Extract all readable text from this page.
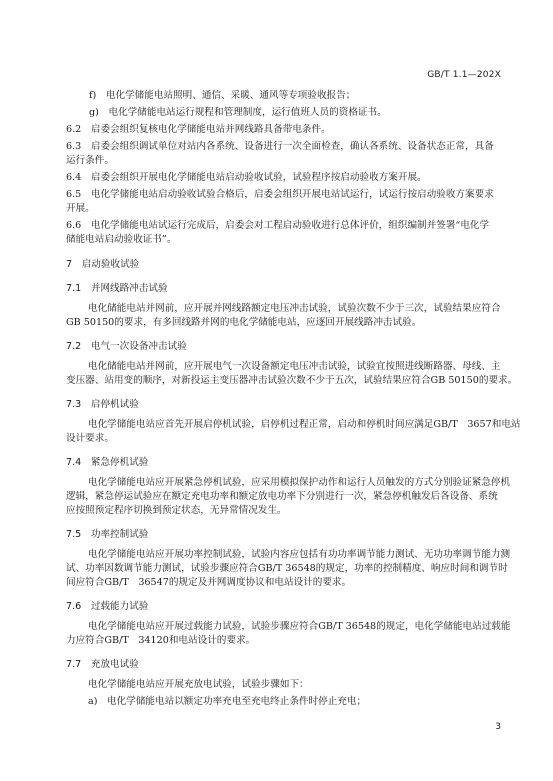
GB/T 1.1—202X
f)　电化学储能电站照明、通信、采暖、通风等专项验收报告；
g)　电化学储能电站运行规程和管理制度，运行值班人员的资格证书。
6.2　启委会组织复核电化学储能电站并网线路具备带电条件。
6.3　启委会组织调试单位对站内各系统、设备进行一次全面检查，确认各系统、设备状态正常，具备
运行条件。
6.4　启委会组织开展电化学储能电站启动验收试验，试验程序按启动验收方案开展。
6.5　电化学储能电站启动验收试验合格后，启委会组织开展电站试运行，试运行按启动验收方案要求
开展。
6.6　电化学储能电站试运行完成后，启委会对工程启动验收进行总体评价，组织编制并签署“电化学
储能电站启动验收证书”。
7　启动验收试验
7.1　并网线路冲击试验
电化储能电站并网前，应开展并网线路额定电压冲击试验，试验次数不少于三次，试验结果应符合
GB 50150的要求，有多回线路并网的电化学储能电站，应逐回开展线路冲击试验。
7.2　电气一次设备冲击试验
电化储能电站并网前，应开展电气一次设备额定电压冲击试验，试验宜按照进线断路器、母线、主
变压器、站用变的顺序，对新投运主变压器冲击试验次数不少于五次，试验结果应符合GB 50150的要求。
7.3　启停机试验
电化学储能电站应首先开展启停机试验，启停机过程正常，启动和停机时间应满足GB/T　3657和电站
设计要求。
7.4　紧急停机试验
电化学储能电站应开展紧急停机试验，应采用模拟保护动作和运行人员触发的方式分别验证紧急停机
逻辑，紧急停运试验应在额定充电功率和额定放电功率下分别进行一次，紧急停机触发后各设备、系统
应按照预定程序切换到预定状态，无异常情况发生。
7.5　功率控制试验
电化学储能电站应开展功率控制试验，试验内容应包括有功功率调节能力测试、无功功率调节能力测
试、功率因数调节能力测试，试验步骤应符合GB/T 36548的规定，功率的控制精度、响应时间和调节时
间应符合GB/T　36547的规定及并网调度协议和电站设计的要求。
7.6　过载能力试验
电化学储能电站应开展过载能力试验，试验步骤应符合GB/T 36548的规定，电化学储能电站过载能
力应符合GB/T　34120和电站设计的要求。
7.7　充放电试验
电化学储能电站应开展充放电试验，试验步骤如下：
a)　电化学储能电站以额定功率充电至充电终止条件时停止充电；
3
